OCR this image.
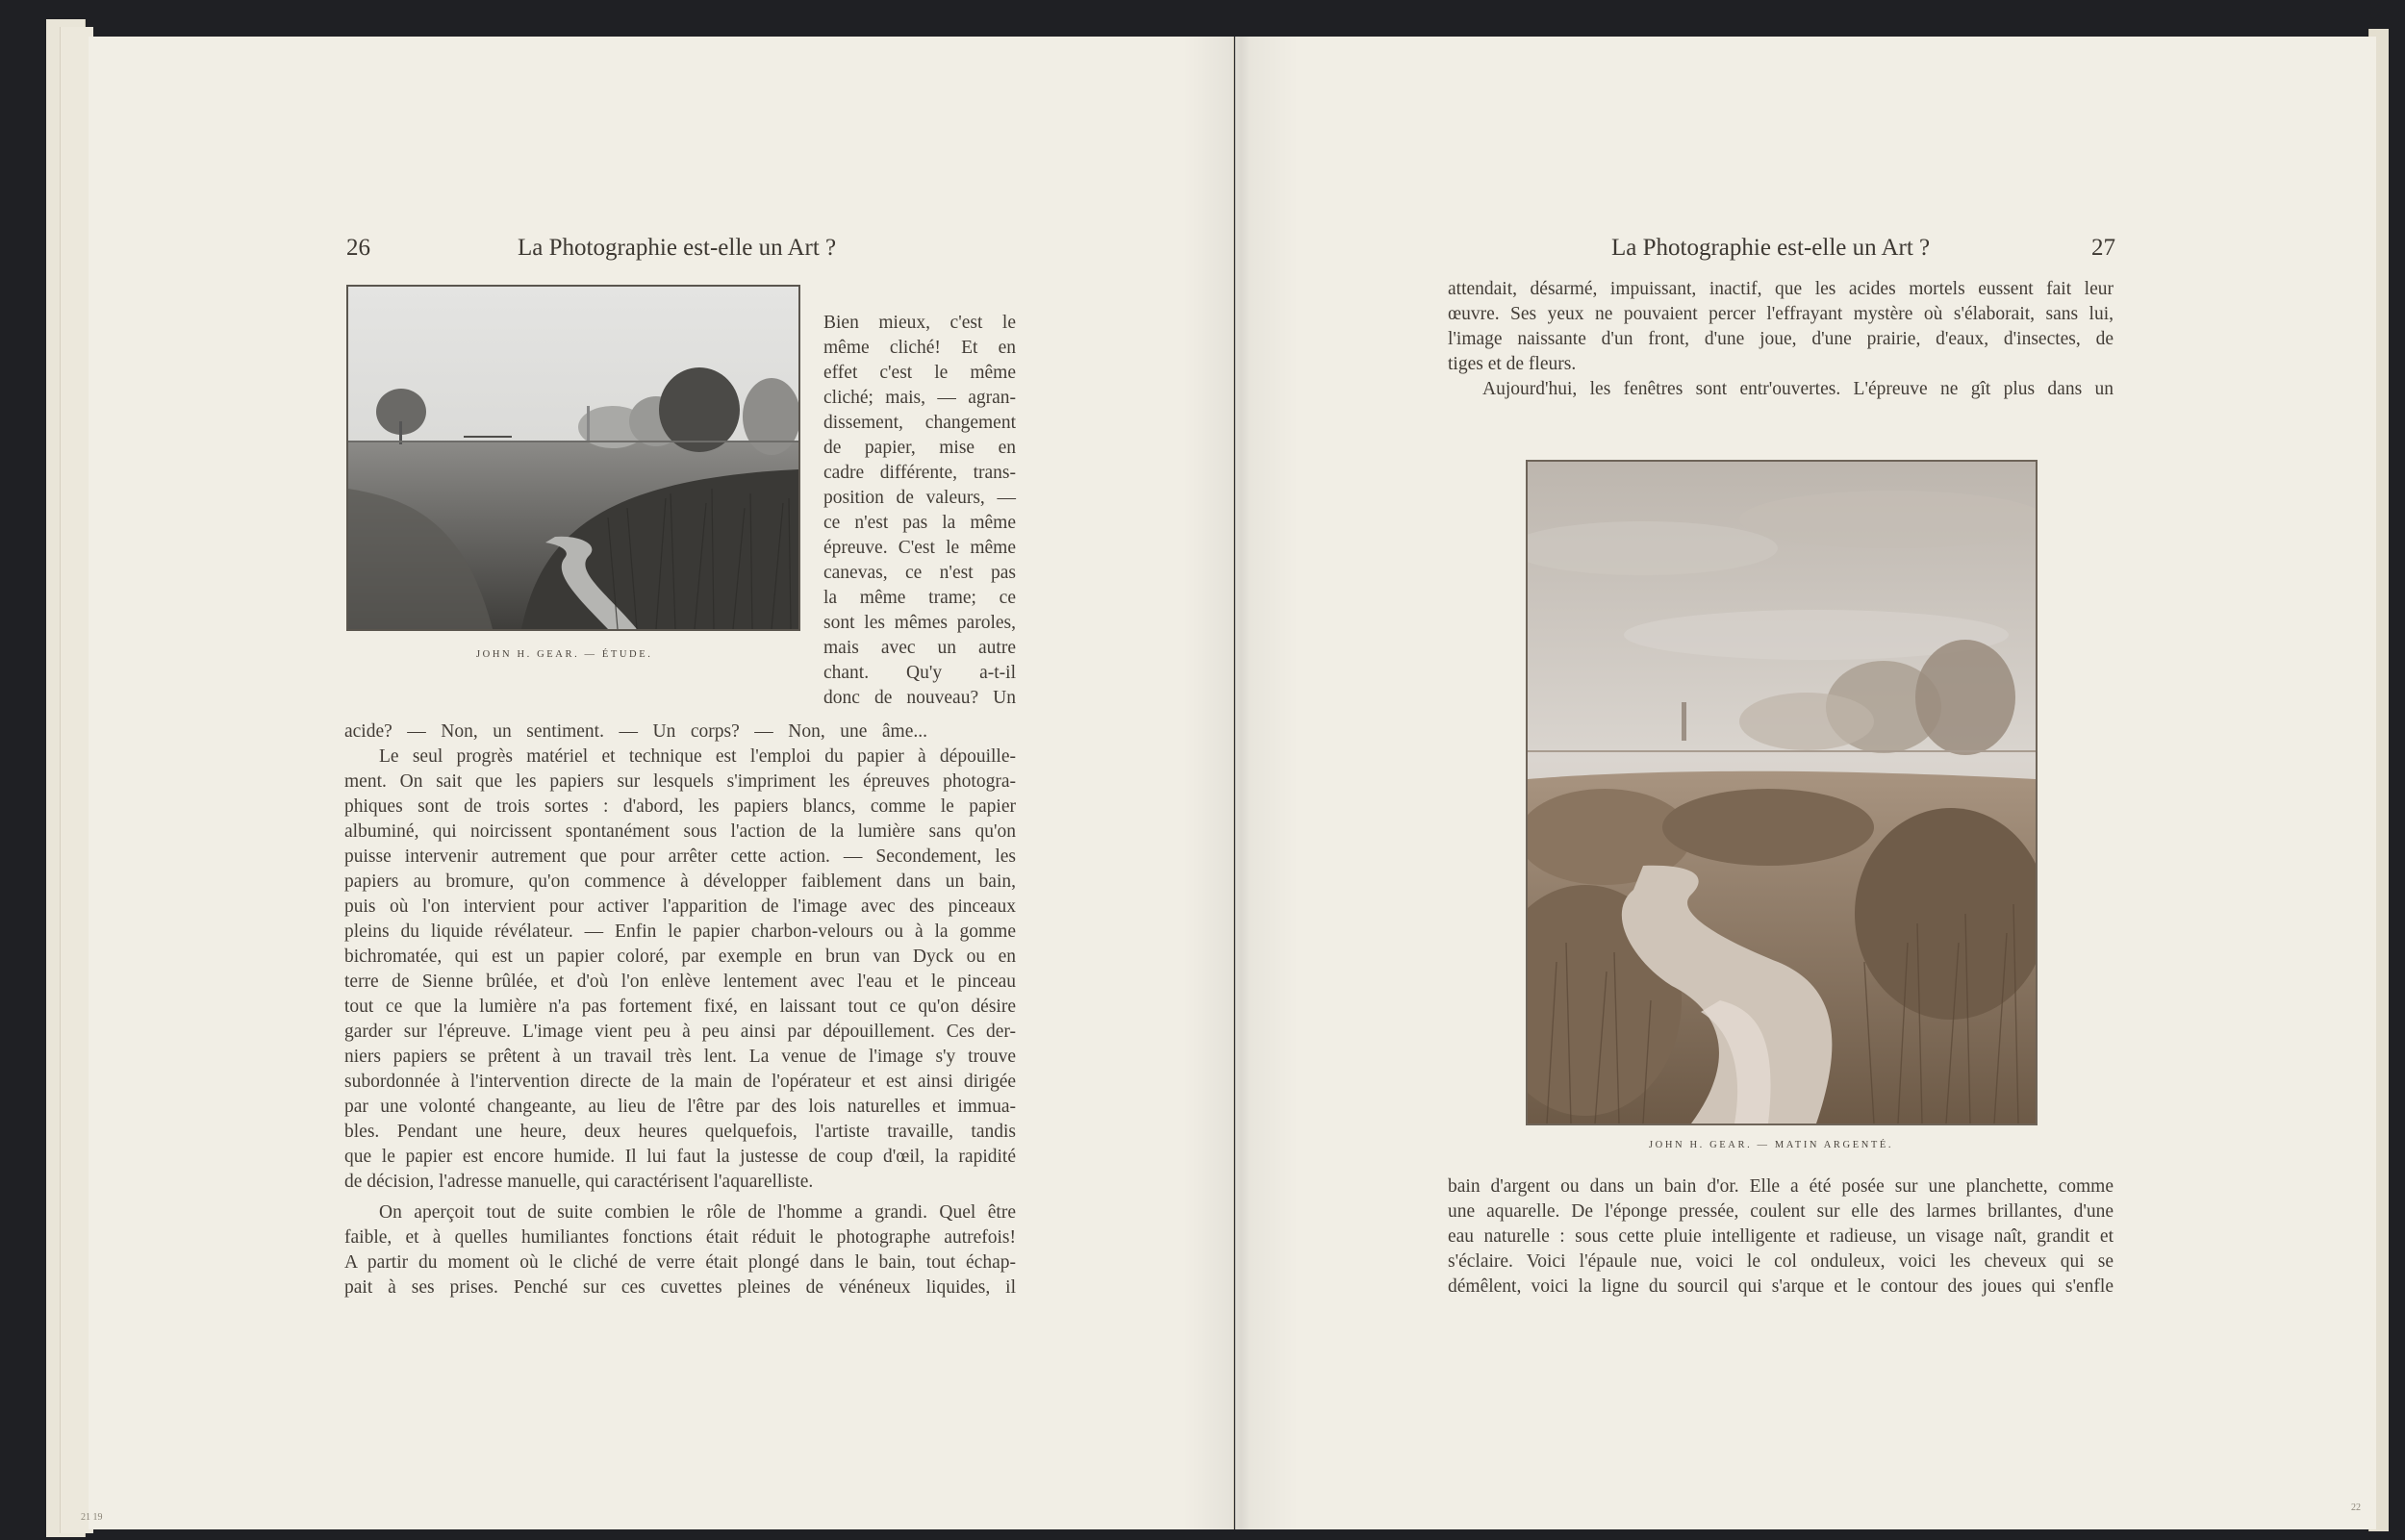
26	La Photographie est-elle un Art ?
JOHN H. GEAR. — ÉTUDE.
Bien mieux, c'est le
même cliché! Et en
effet c'est le même
cliché; mais, — agran-
dissement, changement
de papier, mise en
cadre différente, trans-
position de valeurs, —
ce n'est pas la même
épreuve. C'est le même
canevas, ce n'est pas
la même trame; ce
sont les mêmes paroles,
mais avec un autre
chant. Qu'y a-t-il
donc de nouveau? Un
acide? — Non, un sentiment. — Un corps? — Non, une âme...
Le seul progrès matériel et technique est l'emploi du papier à dépouille-
ment. On sait que les papiers sur lesquels s'impriment les épreuves photogra-
phiques sont de trois sortes : d'abord, les papiers blancs, comme le papier
albuminé, qui noircissent spontanément sous l'action de la lumière sans qu'on
puisse intervenir autrement que pour arrêter cette action. — Secondement, les
papiers au bromure, qu'on commence à développer faiblement dans un bain,
puis où l'on intervient pour activer l'apparition de l'image avec des pinceaux
pleins du liquide révélateur. — Enfin le papier charbon-velours ou à la gomme
bichromatée, qui est un papier coloré, par exemple en brun van Dyck ou en
terre de Sienne brûlée, et d'où l'on enlève lentement avec l'eau et le pinceau
tout ce que la lumière n'a pas fortement fixé, en laissant tout ce qu'on désire
garder sur l'épreuve. L'image vient peu à peu ainsi par dépouillement. Ces der-
niers papiers se prêtent à un travail très lent. La venue de l'image s'y trouve
subordonnée à l'intervention directe de la main de l'opérateur et est ainsi dirigée
par une volonté changeante, au lieu de l'être par des lois naturelles et immua-
bles. Pendant une heure, deux heures quelquefois, l'artiste travaille, tandis
que le papier est encore humide. Il lui faut la justesse de coup d'œil, la rapidité
de décision, l'adresse manuelle, qui caractérisent l'aquarelliste.
On aperçoit tout de suite combien le rôle de l'homme a grandi. Quel être
faible, et à quelles humiliantes fonctions était réduit le photographe autrefois!
A partir du moment où le cliché de verre était plongé dans le bain, tout échap-
pait à ses prises. Penché sur ces cuvettes pleines de vénéneux liquides, il
21 19
La Photographie est-elle un Art ?	27
attendait, désarmé, impuissant, inactif, que les acides mortels eussent fait leur
œuvre. Ses yeux ne pouvaient percer l'effrayant mystère où s'élaborait, sans lui,
l'image naissante d'un front, d'une joue, d'une prairie, d'eaux, d'insectes, de
tiges et de fleurs.
Aujourd'hui, les fenêtres sont entr'ouvertes. L'épreuve ne gît plus dans un
JOHN H. GEAR. — MATIN ARGENTÉ.
bain d'argent ou dans un bain d'or. Elle a été posée sur une planchette, comme
une aquarelle. De l'éponge pressée, coulent sur elle des larmes brillantes, d'une
eau naturelle : sous cette pluie intelligente et radieuse, un visage naît, grandit et
s'éclaire. Voici l'épaule nue, voici le col onduleux, voici les cheveux qui se
démêlent, voici la ligne du sourcil qui s'arque et le contour des joues qui s'enfle
22
